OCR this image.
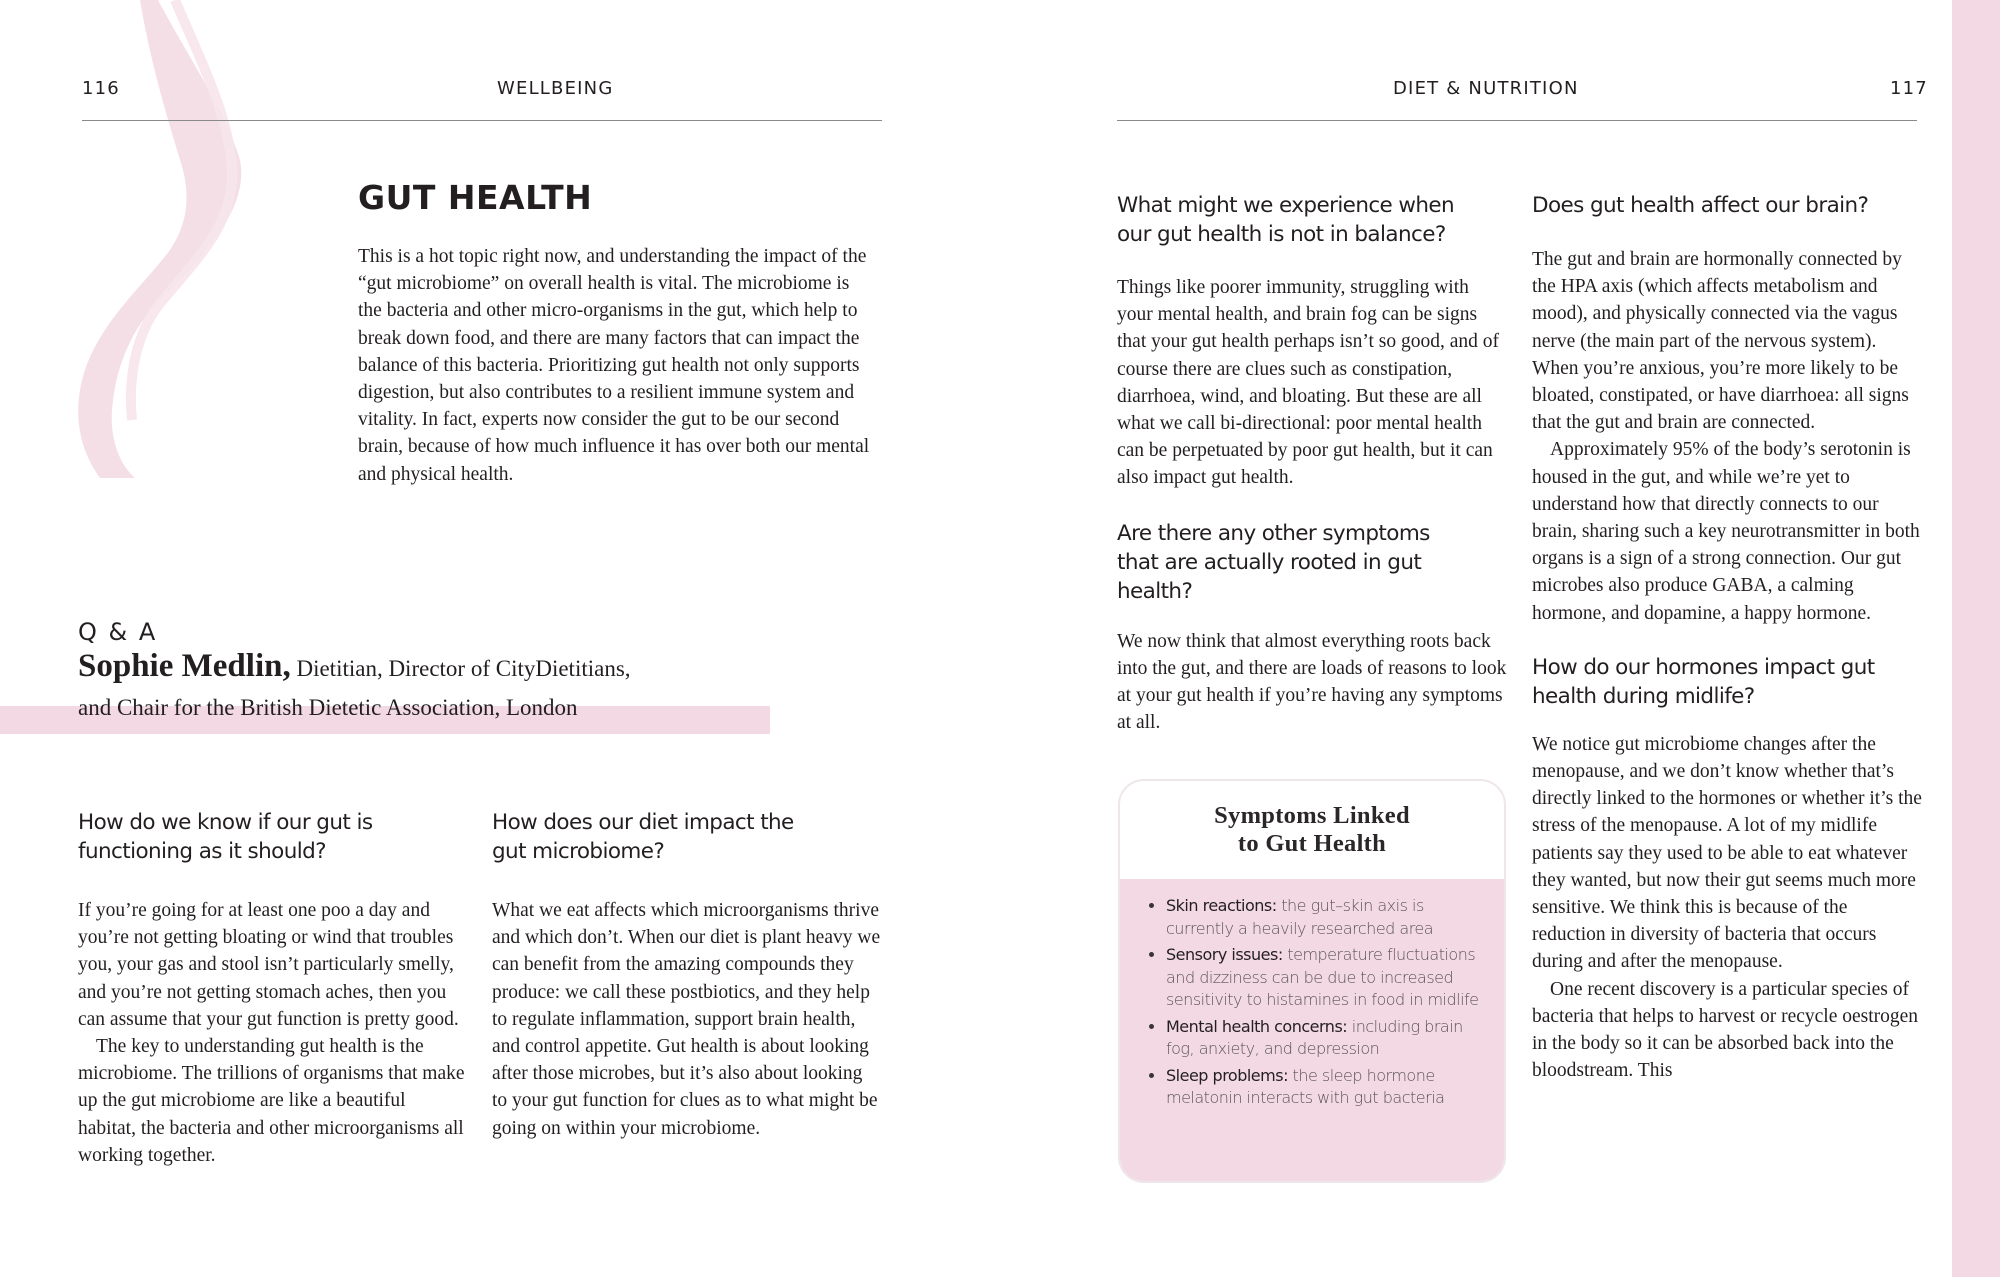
116	WELLBEING
GUT HEALTH

This is a hot topic right now, and understanding the impact of the “gut microbiome” on overall health is vital. The microbiome is the bacteria and other micro-organisms in the gut, which help to break down food, and there are many factors that can impact the balance of this bacteria. Prioritizing gut health not only supports digestion, but also contributes to a resilient immune system and vitality. In fact, experts now consider the gut to be our second brain, because of how much influence it has over both our mental and physical health.

Q & A
Sophie Medlin, Dietitian, Director of CityDietitians,
and Chair for the British Dietetic Association, London

How do we know if our gut is functioning as it should?

If you’re going for at least one poo a day and you’re not getting bloating or wind that troubles you, your gas and stool isn’t particularly smelly, and you’re not getting stomach aches, then you can assume that your gut function is pretty good.

The key to understanding gut health is the microbiome. The trillions of organisms that make up the gut microbiome are like a beautiful habitat, the bacteria and other microorganisms all working together.

How does our diet impact the gut microbiome?

What we eat affects which microorganisms thrive and which don’t. When our diet is plant heavy we can benefit from the amazing compounds they produce: we call these postbiotics, and they help to regulate inflammation, support brain health, and control appetite. Gut health is about looking after those microbes, but it’s also about looking to your gut function for clues as to what might be going on within your microbiome.

DIET & NUTRITION	117

What might we experience when our gut health is not in balance?

Things like poorer immunity, struggling with your mental health, and brain fog can be signs that your gut health perhaps isn’t so good, and of course there are clues such as constipation, diarrhoea, wind, and bloating. But these are all what we call bi-directional: poor mental health can be perpetuated by poor gut health, but it can also impact gut health.

Are there any other symptoms that are actually rooted in gut health?

We now think that almost everything roots back into the gut, and there are loads of reasons to look at your gut health if you’re having any symptoms at all.

Symptoms Linked
to Gut Health
• Skin reactions: the gut–skin axis is currently a heavily researched area
• Sensory issues: temperature fluctuations and dizziness can be due to increased sensitivity to histamines in food in midlife
• Mental health concerns: including brain fog, anxiety, and depression
• Sleep problems: the sleep hormone melatonin interacts with gut bacteria

Does gut health affect our brain?

The gut and brain are hormonally connected by the HPA axis (which affects metabolism and mood), and physically connected via the vagus nerve (the main part of the nervous system). When you’re anxious, you’re more likely to be bloated, constipated, or have diarrhoea: all signs that the gut and brain are connected.

Approximately 95% of the body’s serotonin is housed in the gut, and while we’re yet to understand how that directly connects to our brain, sharing such a key neurotransmitter in both organs is a sign of a strong connection. Our gut microbes also produce GABA, a calming hormone, and dopamine, a happy hormone.

How do our hormones impact gut health during midlife?

We notice gut microbiome changes after the menopause, and we don’t know whether that’s directly linked to the hormones or whether it’s the stress of the menopause. A lot of my midlife patients say they used to be able to eat whatever they wanted, but now their gut seems much more sensitive. We think this is because of the reduction in diversity of bacteria that occurs during and after the menopause.

One recent discovery is a particular species of bacteria that helps to harvest or recycle oestrogen in the body so it can be absorbed back into the bloodstream. This
